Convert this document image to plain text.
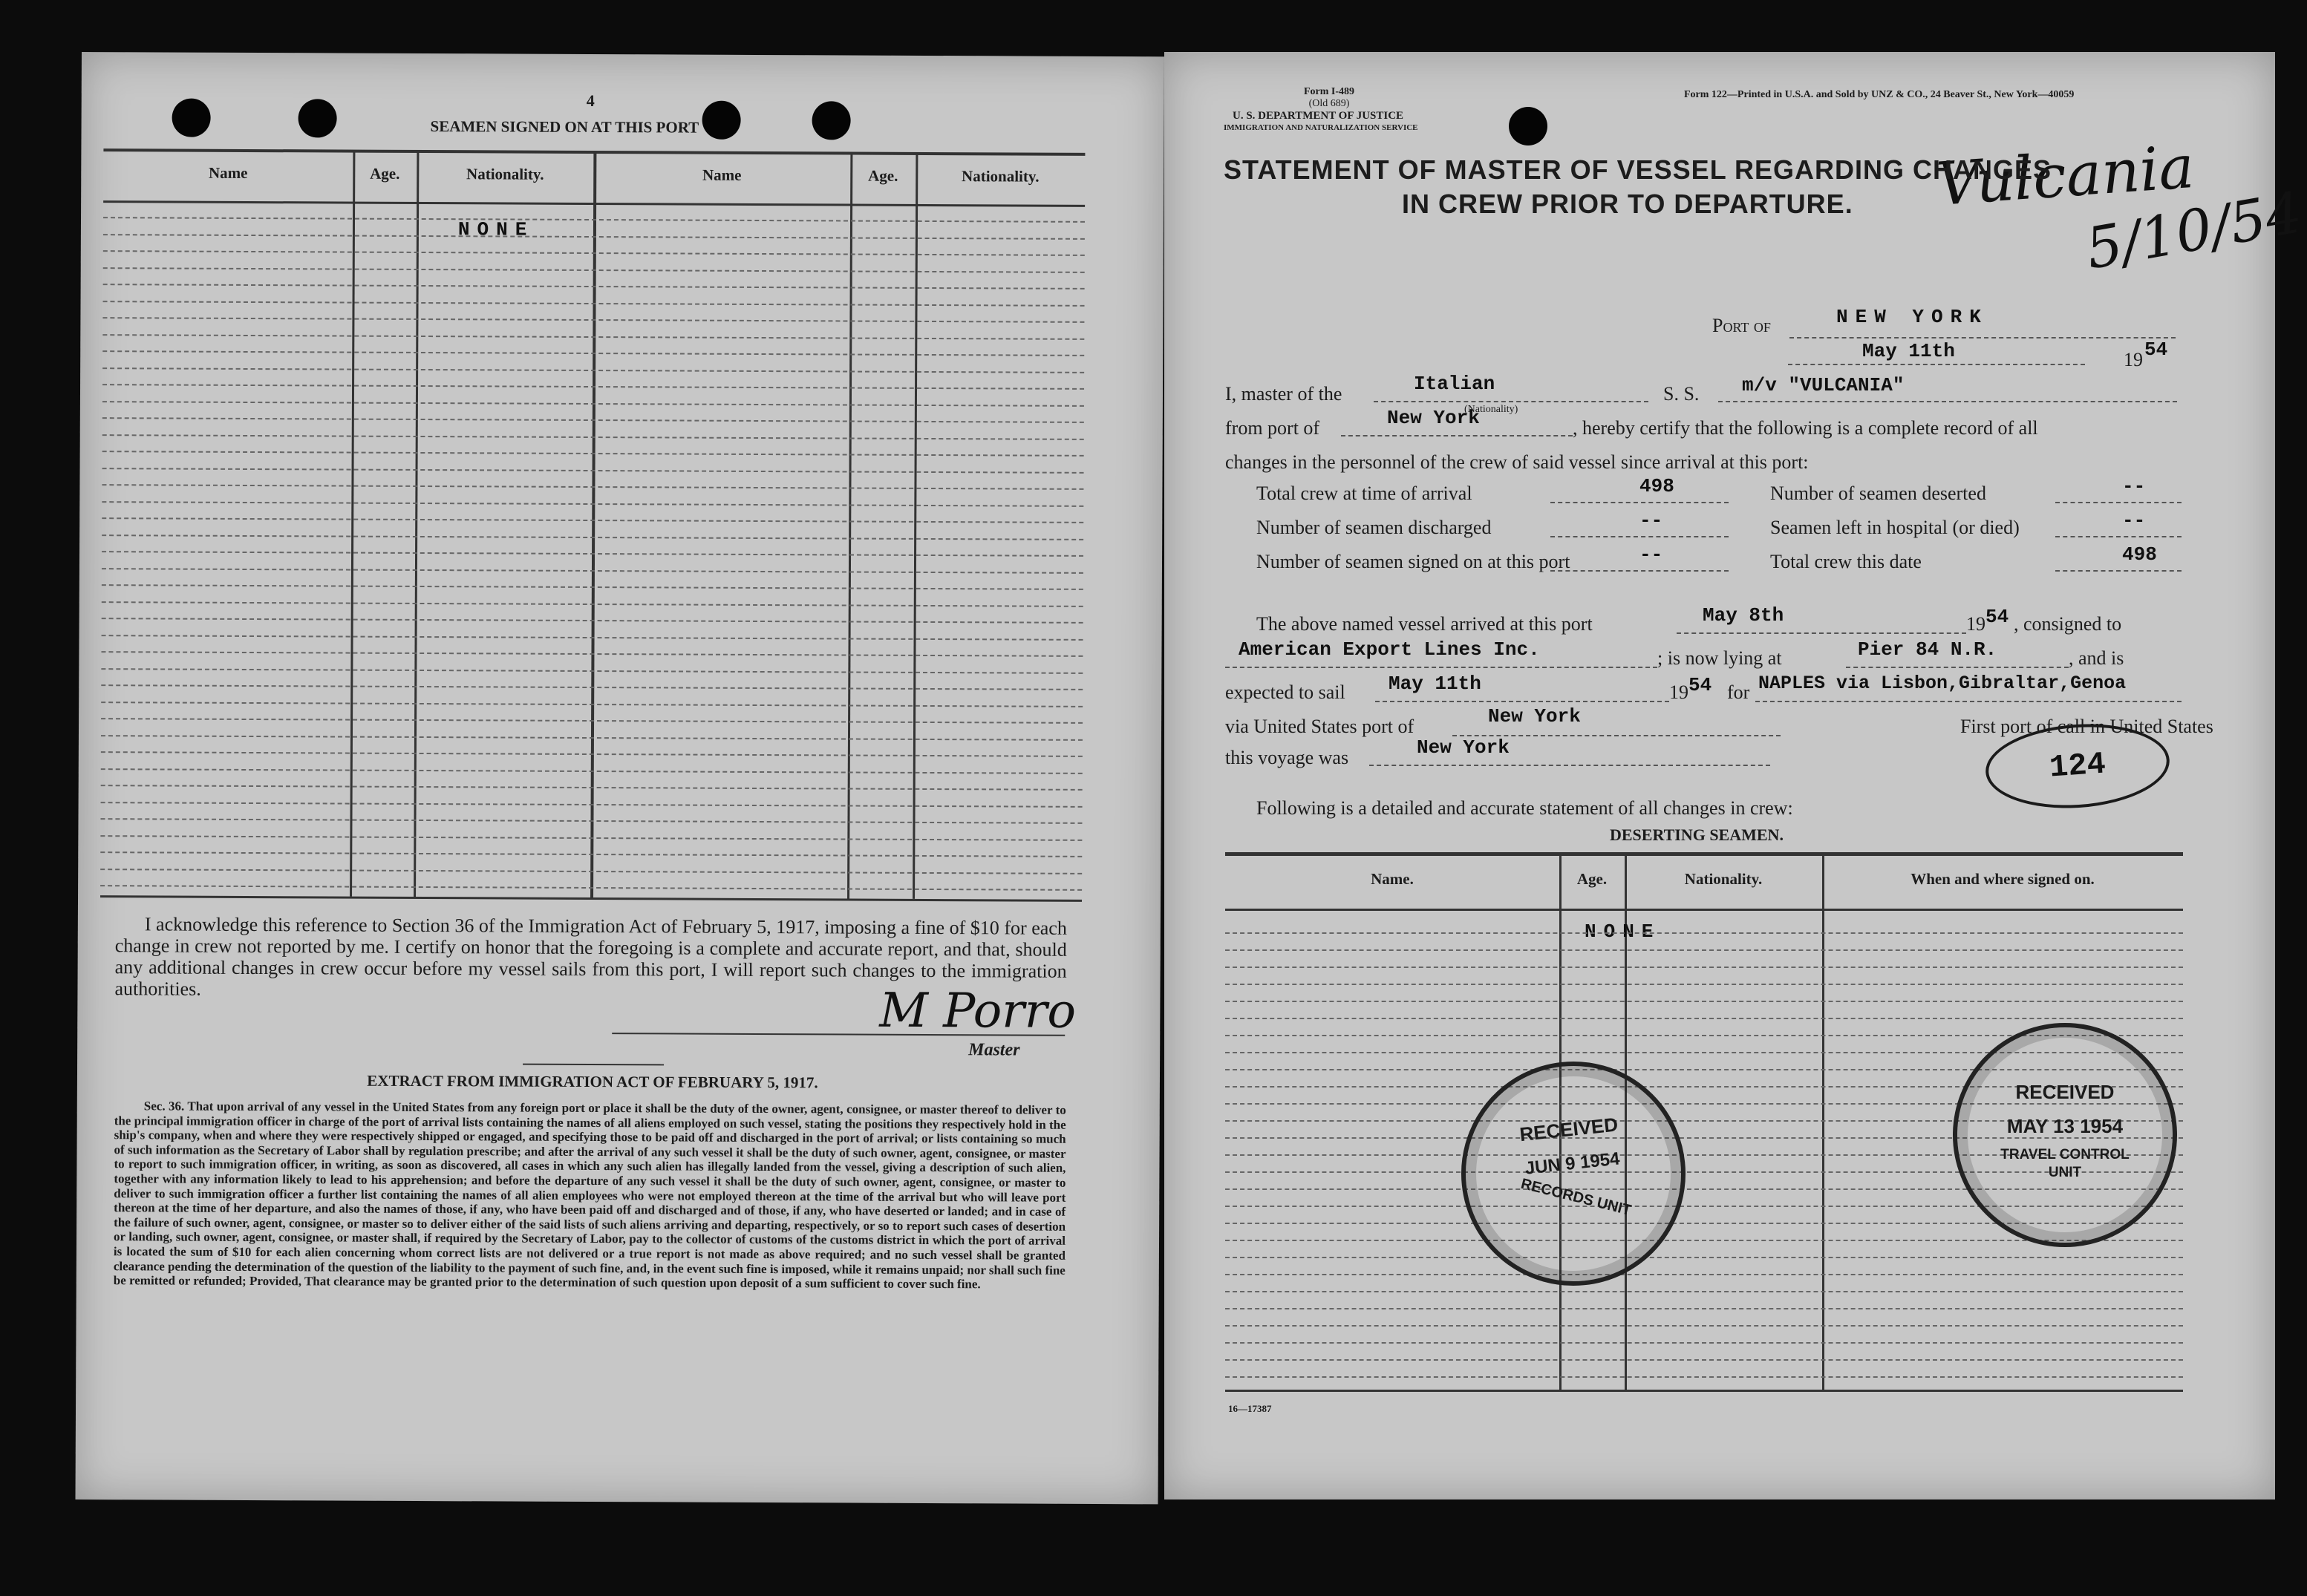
4
SEAMEN SIGNED ON AT THIS PORT
Name	Age.	Nationality.	Name	Age.	Nationality.
NONE
I acknowledge this reference to Section 36 of the Immigration Act of February 5, 1917, imposing a fine of $10 for each change in crew not reported by me. I certify on honor that the foregoing is a complete and accurate report, and that, should any additional changes in crew occur before my vessel sails from this port, I will report such changes to the immigration authorities.	M Porro
Master
EXTRACT FROM IMMIGRATION ACT OF FEBRUARY 5, 1917.
Sec. 36. That upon arrival of any vessel in the United States from any foreign port or place it shall be the duty of the owner, agent, consignee, or master thereof to deliver to the principal immigration officer in charge of the port of arrival lists containing the names of all aliens employed on such vessel, stating the positions they respectively hold in the ship's company, when and where they were respectively shipped or engaged, and specifying those to be paid off and discharged in the port of arrival; or lists containing so much of such information as the Secretary of Labor shall by regulation prescribe; and after the arrival of any such vessel it shall be the duty of such owner, agent, consignee, or master to report to such immigration officer, in writing, as soon as discovered, all cases in which any such alien has illegally landed from the vessel, giving a description of such alien, together with any information likely to lead to his apprehension; and before the departure of any such vessel it shall be the duty of such owner, agent, consignee, or master to deliver to such immigration officer a further list containing the names of all alien employees who were not employed thereon at the time of the arrival but who will leave port thereon at the time of her departure, and also the names of those, if any, who have been paid off and discharged and of those, if any, who have deserted or landed; and in case of the failure of such owner, agent, consignee, or master so to deliver either of the said lists of such aliens arriving and departing, respectively, or so to report such cases of desertion or landing, such owner, agent, consignee, or master shall, if required by the Secretary of Labor, pay to the collector of customs of the customs district in which the port of arrival is located the sum of $10 for each alien concerning whom correct lists are not delivered or a true report is not made as above required; and no such vessel shall be granted clearance pending the determination of the question of the liability to the payment of such fine, and, in the event such fine is imposed, while it remains unpaid; nor shall such fine be remitted or refunded; Provided, That clearance may be granted prior to the determination of such question upon deposit of a sum sufficient to cover such fine.
Form I-489
(Old 689)
U. S. DEPARTMENT OF JUSTICE
IMMIGRATION AND NATURALIZATION SERVICE
Form 122—Printed in U.S.A. and Sold by UNZ & CO., 24 Beaver St., New York—40059
Vulcania
5/10/54
STATEMENT OF MASTER OF VESSEL REGARDING CHANGES
IN CREW PRIOR TO DEPARTURE.
Port of	NEW YORK
May 11th	19 54
I, master of the	Italian
(Nationality)
S. S. m/v "VULCANIA"
from port of	New York	, hereby certify that the following is a complete record of all
changes in the personnel of the crew of said vessel since arrival at this port:
Total crew at time of arrival	498	Number of seamen deserted	--
Number of seamen discharged	--	Seamen left in hospital (or died)	--
Number of seamen signed on at this port	--	Total crew this date	498
The above named vessel arrived at this port	May 8th	19 54 , consigned to
American Export Lines Inc.	; is now lying at	Pier 84 N.R.	, and is
expected to sail May 11th	19 54 for NAPLES via Lisbon,Gibraltar,Genoa
via United States port of	New York	First port of call in United States
this voyage was	New York	124
Following is a detailed and accurate statement of all changes in crew:
DESERTING SEAMEN.
Name.	Age.	Nationality.	When and where signed on.
NONE
16—17387
RECEIVED
JUN 9 1954
RECORDS UNIT
RECEIVED
MAY 13 1954
TRAVEL CONTROL UNIT
